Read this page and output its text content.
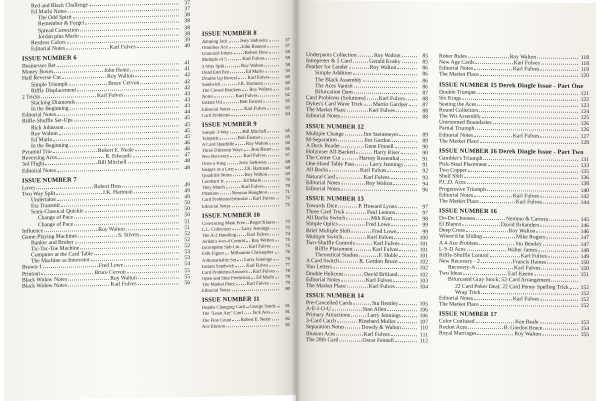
Red and Black Challenge	37
Ed Marlo Notes	37
The Odd Spirit	38
Remember & Forget	38
Spread Correction	38
Jordan plus Marlo	38
Restless Colors	39
Editorial Notes	Karl Fulves	40
ISSUE NUMBER 6
Businesses Bet	41
Money Boxes	John Hentz	41
Half Reverse Cut	Roy Walton	42
Simple Triumph	Bruce Cervon	42
Riffle Displacement	42
2 Tricks	Karl Fulves	43
Stacking Diamonds	43
In the Beginning	43
Editorial Notes	44
Riffle-Shuffle Set-Ups	45
Rick Johnsson	45
Roy Walton	45
Ed Marlo	45
In the Beginning	46
Pyramid Trio	Robert E. Neale	46
Reversing Aces	R. Edwards	47
3rd Flight	Bill Mitchell	48
Editorial Notes	48
ISSUE NUMBER 7
Lover	Robert Hess	49
Two Way Split	J.K. Hartman	49
Undertaker	49
Eta Transmit	50
Semi-Classical Quickie	50
Change of Pace	50
Change of Pace	51
Influence	Roy Walton	51
Game-Playing Machines	S. Stivers	52
Banker and Broker	52
Tic-Tac-Toe Machine	52
Computer at the Card Table	53
The Machine as Innovator	53
Brown-1	Fred Lowe	54
Printout	Bruce Cervon	55
Black Widow Notes	Roy Walton	55
Black Widow Notes	Karl Fulves	56
ISSUE NUMBER 8
Jumping Jack	Jerry Sadowitz	57
Omnibus Ace	John Bannon	57
Unmixed Jokers	Robert Hess	58
Multiple of 5	Karl Fulves	58
2-Way Split	Roy Walton	58
Dead End Pair	Ed Marlo	59
Double Up Reveal Karl Fulves	60
Sandwich	J.K. Hartman	60
The Closed Brackets Roy Walton	61
Notes	Karl Fulves	62
Instant Oil	Bob Farmer	62
Editorial Notes	Karl Fulves	63
Card Problems	64
ISSUE NUMBER 9
Simple 3-Way	Bill Mitchell	65
Telepath	Bob Farmer	65
A Card Quadrille Roy Walton	66
Three Different Ways Ron Bauer	66
Neo Recovery	Karl Fulves	67
Once a King	Jerry Sadowitz	68
Images as a Line J.K. Hartman	68
Quadrille Notes	Roy Walton	69
Lombard Jr.	Ed Marlo	70
They Match	Karl Fulves	70
Phantom	Norman Houghton	71
Card Problems/Editorial Karl Fulves	72
Editorial Notes	72
ISSUE NUMBER 10
Convincing Mask Free Roger Klause	73
L.L. Collection Larry Jennings	73
The A-2 Handling Karl Fulves	74
Jordan's 4-to-4 Control Roy Walton	75
Incomplete Sub Cut Karl Fulves	75
Folk Figure Milbourne Christopher	76
A Remarkable Set Larry Jennings	76
Instant Sandwich	Karl Fulves	77
Card Problems/Answers Karl Fulves	78
Open and Shut Prediction Ed Marlo	78
The Market Place Karl Fulves	79
Editorial Notes	80
ISSUE NUMBER 11
Depths Changing Card George Sands	81
The "Least Are" Card Jack Avis	81
The Fine Count Robert E. Neale	82
Ace Illusion	82
Underpants Collection	Roy Walton	85
Intrepreter & 5 Card	Gerald Kosky	85
Feather for Lander	Roy Walton	86
Simple Addition	86
The Black Assembly	86
The Aces Vanish	86
Bifurcation Dam	87
Card Problems (Solutions) Karl Fulves	88
Dykes's Card Wave Trick Martin Gardner	87
The Market Place	Karl Fulves	88
Editorial Notes	88
ISSUE NUMBER 12
Multiple Change	Jim Steinmeyer	89
M-Separation	Jim Gordon	89
A Deck Reader	Gene Finnell	90
Hofzinser All-Backed	Harry Riser	90
The Center Cut	Harvey Rosenthal	91
One-Hand Table Pass	Larry Jennings	91
All Backs	Karl Fulves	92
Natural Card	Karl Fulves	93
Editorial Notes	Roy Walton	94
Editorial Notes	96
ISSUE NUMBER 13
Towards Dice	P. Howard Lyons	97
Three Card Trick	Paul Lennox	97
All Backs Switch	Milt Kort	98
Simple Optics	Fred Lowe	99
Brief Multiple Shift	Fred Lowe	99
Multiple Switch	Karl Fulves	100
Two-Shuffle Controls	Karl Fulves	101
Riffle Placement	Karl Fulves	101
Theoretical Studies	F. Hoble	101
A Card Switch	R. Gordon Bruce	102
You Letters	102
Double Helicens	David Britland	102
Editorial Notes	Karl Fulves	103
The Market Place	Karl Fulves	104
ISSUE NUMBER 14
Pre-Cancelled Cards	Stu Bentley	105
A-E-I-O-U	Stan Allen	106
Primary Attractions	Larry Jennings	106
3-Card Catch	Rinehard Muller	107
Separation Notes	Dowdy & Walton	110
Illusion Aces	Karl Fulves	111
The 28th Card	Oscar Fennell	112
Rober Rules	Roy Walton	118
New Age Cards	Karl Fulves	118
Editorial Notes	Karl Fulves	119
The Market Place	120
ISSUE NUMBER 15 Derek Dingle Issue - Part One
Double Trumpet	121
Six Kings	122
Seating the Aces	123
Round Collectors	124
The Wit Assembly	125
Untrimmed Boundaries	126
Partial Triumph	126
Editorial Notes	Karl Fulves	127
The Market Place	128
ISSUE NUMBER 16 Derek Dingle Issue - Part Two
Gambler's Triumph	131
Pick-Steal Placement	133
Two Copper	135
Shelf Shift	136
P.C.D. Aces	138
Progressive Triumph	140
Editorial Notes	Karl Fulves	142
The Market Place	Karl Fulves	144
ISSUE NUMBER 16
Do-Do Chooses	Nemmo & Carrera	145
El Blanco	David Britanders	146
Deep Cross	Roy Walton	146
Where'd he Sliding	Mike Rogers	147
A 4-Ace Problem	Stu Bentley	147
L-S-D Aces	Walter James	148
Riffle-Shuffle Control	Karl Fulves	149
New Recovery - 2	Francis Haines	150
Recovery-A	Karl Fulves	150
Two Ideas	Earl Keene	151
Bifurcated Gray Stock; 52-Card Arrangement
22 Card Poker Deal; 22 Card Penny Spelling Trick 152
Wrap Trick	152
Editorial Notes	Karl Fulves	152
The Market Place	152
ISSUE NUMBER 17
Color Confused	Ken Beale	153
Rocket Aces	R. Gordon Bruce	154
Royal Marriages	Roy Walton	155
